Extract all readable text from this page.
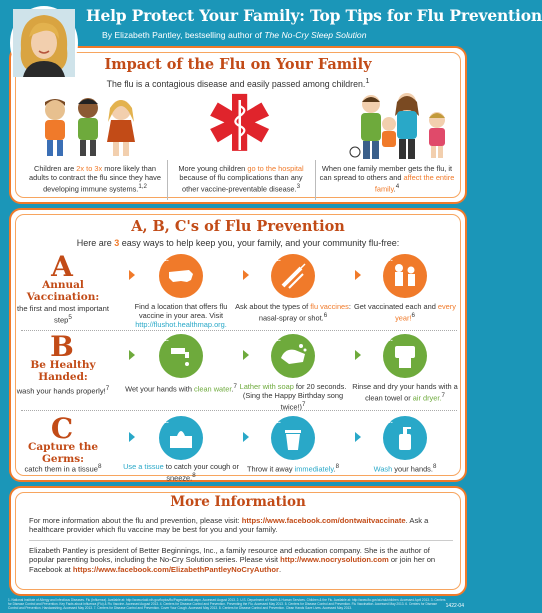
Help Protect Your Family: Top Tips for Flu Prevention
By Elizabeth Pantley, bestselling author of The No-Cry Sleep Solution
Impact of the Flu on Your Family
The flu is a contagious disease and easily passed among children.$^1$
Children are 2x to 3x more likely than adults to contract the flu since they have developing immune systems.$^{1,2}$
More young children go to the hospital because of flu complications than any other vaccine-preventable disease.$^3$
When one family member gets the flu, it can spread to others and affect the entire family.$^4$
A, B, C's of Flu Prevention
Here are 3 easy ways to help keep you, your family, and your community flu-free:
A
Annual Vaccination:
the first and most important step$^5$
1.
Find a location that offers flu vaccine in your area. Visit http://flushot.healthmap.org.
2.
Ask about the types of flu vaccines: nasal-spray or shot.$^6$
3.
Get vaccinated each and every year!$^6$
B
Be Healthy Handed:
wash your hands properly!$^7$
1.
Wet your hands with clean water.$^7$
2.
Lather with soap for 20 seconds. (Sing the Happy Birthday song twice!)$^7$
3.
Rinse and dry your hands with a clean towel or air dryer.$^7$
C
Capture the Germs:
catch them in a tissue$^8$
1.
Use a tissue to catch your cough or sneeze.$^8$
2.
Throw it away immediately.$^8$
3.
Wash your hands.$^8$
More Information
For more information about the flu and prevention, please visit: https://www.facebook.com/dontwaitvaccinate. Ask a healthcare provider which flu vaccine may be best for you and your family.
Elizabeth Pantley is president of Better Beginnings, Inc., a family resource and education company. She is the author of popular parenting books, including the No-Cry Solution series. Please visit http://www.nocrysolution.com or join her on Facebook at https://www.facebook.com/ElizabethPantleyNoCryAuthor.
1. National Institute of Allergy and Infectious Diseases. Flu (Influenza). Available at: http://www.niaid.nih.gov/topics/flu/Pages/default.aspx. Accessed August 2013. 2. U.S. Department of Health & Human Services. Children & the Flu. Available at: http://www.flu.gov/at-risk/children. Accessed April 2013. 3. Centers for Disease Control and Prevention. Key Facts about Influenza (Flu) & Flu Vaccine. Accessed August 2013. 4. Centers for Disease Control and Prevention. Preventing the Flu. Accessed May 2013. 5. Centers for Disease Control and Prevention. Flu Vaccination. Accessed May 2013. 6. Centers for Disease Control and Prevention. Handwashing. Accessed May 2013. 7. Centers for Disease Control and Prevention. Cover Your Cough. Accessed May 2013. 8. Centers for Disease Control and Prevention. Clean Hands Save Lives. Accessed May 2013.	1422-04
